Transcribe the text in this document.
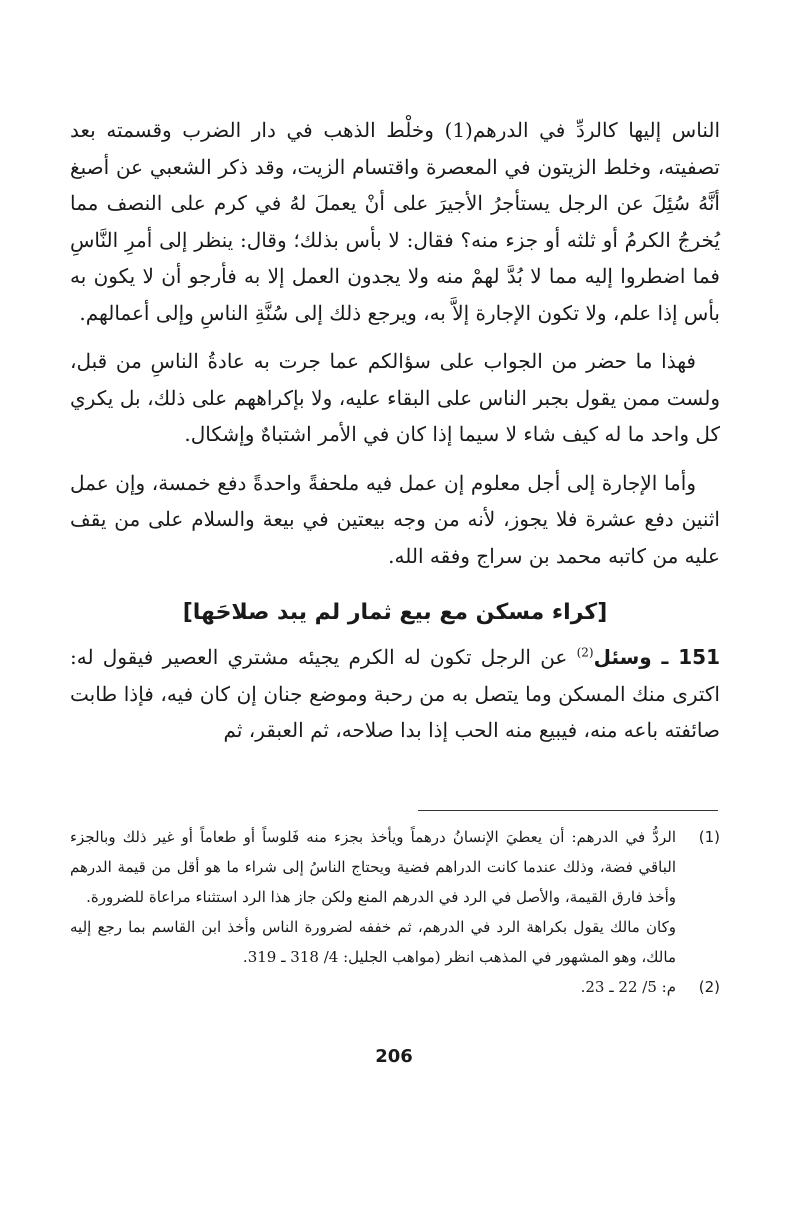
الناس إليها كالردِّ في الدرهم(1) وخلْط الذهب في دار الضرب وقسمته بعد تصفيته، وخلط الزيتون في المعصرة واقتسام الزيت، وقد ذكر الشعبي عن أصبغ أنَّهُ سُئِلَ عن الرجل يستأجرُ الأجيرَ على أنْ يعملَ لهُ في كرم على النصف مما يُخرجُ الكرمُ أو ثلثه أو جزء منه؟ فقال: لا بأس بذلك؛ وقال: ينظر إلى أمرِ النَّاسِ فما اضطروا إليه مما لا بُدَّ لهمْ منه ولا يجدون العمل إلا به فأرجو أن لا يكون به بأس إذا علم، ولا تكون الإجارة إلاَّ به، ويرجع ذلك إلى سُنَّةِ الناسِ وإلى أعمالهم.

فهذا ما حضر من الجواب على سؤالكم عما جرت به عادةُ الناسِ من قبل، ولست ممن يقول بجبر الناس على البقاء عليه، ولا بإكراههم على ذلك، بل يكري كل واحد ما له كيف شاء لا سيما إذا كان في الأمر اشتباهٌ وإشكال.

وأما الإجارة إلى أجل معلوم إن عمل فيه ملحفةً واحدةً دفع خمسة، وإن عمل اثنين دفع عشرة فلا يجوز، لأنه من وجه بيعتين في بيعة والسلام على من يقف عليه من كاتبه محمد بن سراج وفقه الله.

[كراء مسكن مع بيع ثمار لم يبد صلاحَها]

151 ـ وسئل$^{(2)}$ عن الرجل تكون له الكرم يجيئه مشتري العصير فيقول له: اكترى منك المسكن وما يتصل به من رحبة وموضع جنان إن كان فيه، فإذا طابت صائفته باعه منه، فيبيع منه الحب إذا بدا صلاحه، ثم العبقر، ثم

(1)
الردُّ في الدرهم: أن يعطيَ الإنسانُ درهماً ويأخذ بجزء منه فَلوساً أو طعاماً أو غير ذلك وبالجزء الباقي فضة، وذلك عندما كانت الدراهم فضية ويحتاج الناسُ إلى شراء ما هو أقل من قيمة الدرهم وأخذ فارق القيمة، والأصل في الرد في الدرهم المنع ولكن جاز هذا الرد استثناء مراعاة للضرورة.
وكان مالك يقول بكراهة الرد في الدرهم، ثم خففه لضرورة الناس وأخذ ابن القاسم بما رجع إليه مالك، وهو المشهور في المذهب انظر (مواهب الجليل: 4/ 318 ـ 319.
(2)
م: 5/ 22 ـ 23.
206
